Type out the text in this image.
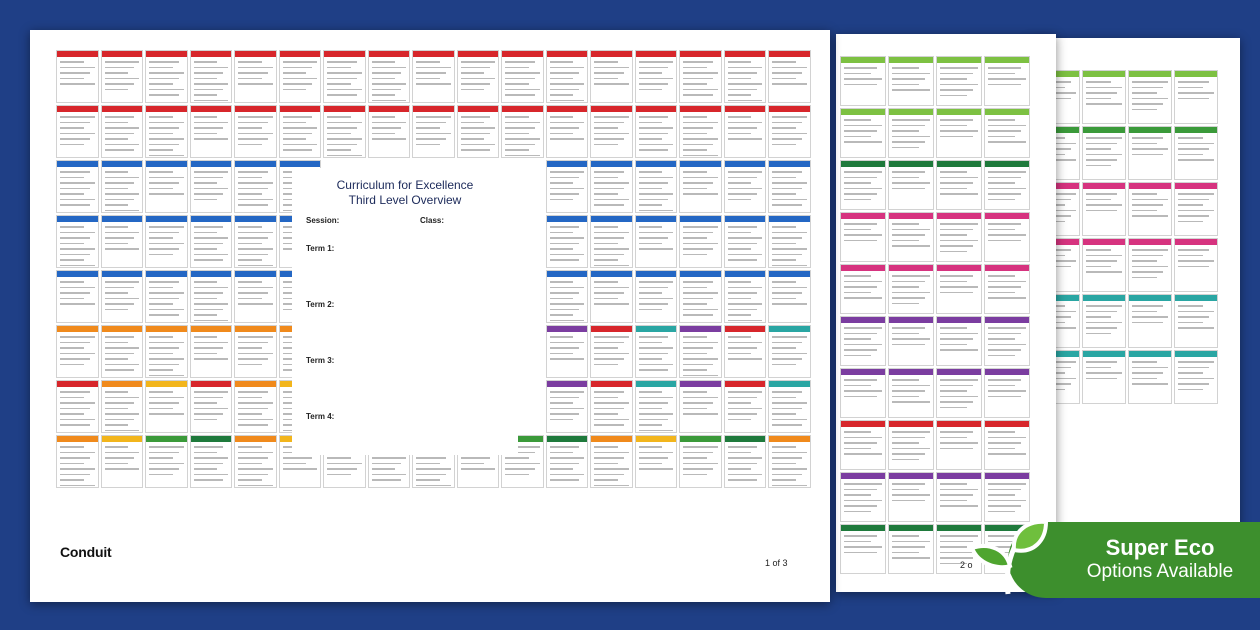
2 o
Curriculum for Excellence
Third Level Overview
Session:	Class:
Term 1:
Term 2:
Term 3:
Term 4:
Conduit
1 of 3
Super Eco
Options Available
